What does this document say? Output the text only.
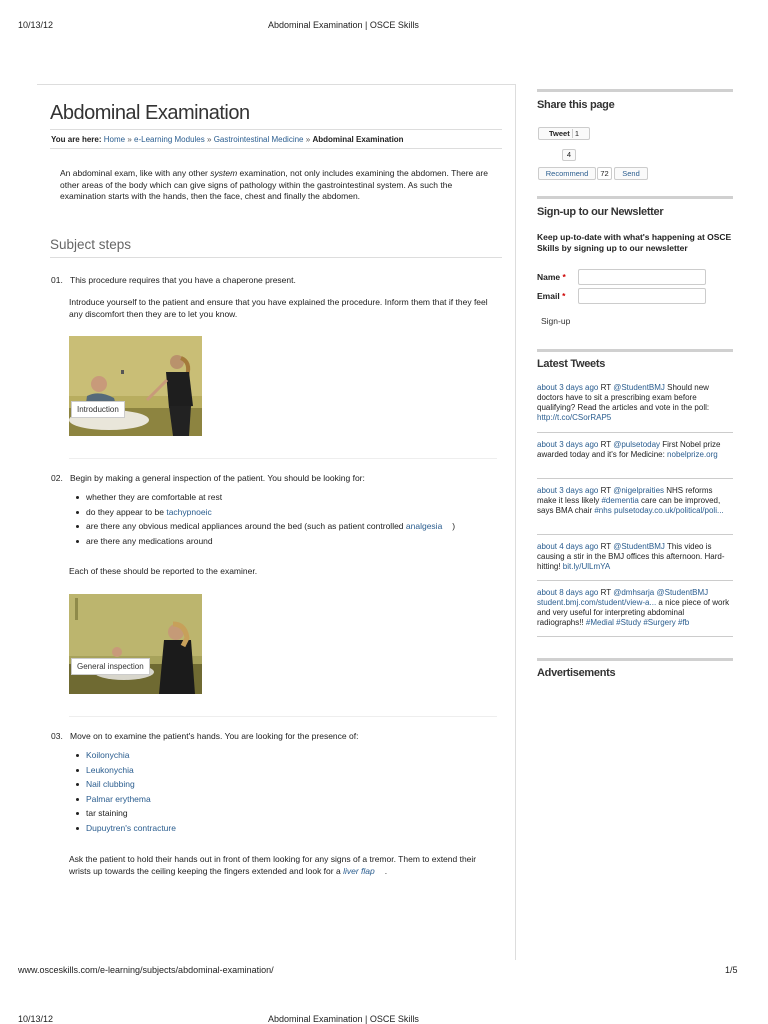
10/13/12	Abdominal Examination | OSCE Skills
Abdominal Examination
You are here: Home » e-Learning Modules » Gastrointestinal Medicine » Abdominal Examination
An abdominal exam, like with any other system examination, not only includes examining the abdomen. There are other areas of the body which can give signs of pathology within the gastrointestinal system. As such the examination starts with the hands, then the face, chest and finally the abdomen.
Subject steps
01. This procedure requires that you have a chaperone present.
Introduce yourself to the patient and ensure that you have explained the procedure. Inform them that if they feel any discomfort then they are to let you know.
Introduction
02. Begin by making a general inspection of the patient. You should be looking for:
whether they are comfortable at rest
do they appear to be tachypnoeic
are there any obvious medical appliances around the bed (such as patient controlled analgesia )
are there any medications around
Each of these should be reported to the examiner.
General inspection
03. Move on to examine the patient's hands. You are looking for the presence of:
Koilonychia
Leukonychia
Nail clubbing
Palmar erythema
tar staining
Dupuytren's contracture
Ask the patient to hold their hands out in front of them looking for any signs of a tremor. Them to extend their wrists up towards the ceiling keeping the fingers extended and look for a liver flap .
Share this page
Tweet 1
4
Recommend	72	Send
Sign-up to our Newsletter
Keep up-to-date with what's happening at OSCE Skills by signing up to our newsletter
Name *
Email *
Sign-up
Latest Tweets
about 3 days ago RT @StudentBMJ Should new doctors have to sit a prescribing exam before qualifying? Read the articles and vote in the poll: http://t.co/CSorRAP5
about 3 days ago RT @pulsetoday First Nobel prize awarded today and it's for Medicine: nobelprize.org
about 3 days ago RT @nigelpraities NHS reforms make it less likely #dementia care can be improved, says BMA chair #nhs pulsetoday.co.uk/political/poli...
about 4 days ago RT @StudentBMJ This video is causing a stir in the BMJ offices this afternoon. Hard-hitting! bit.ly/UlLmYA
about 8 days ago RT @dmhsarja @StudentBMJ student.bmj.com/student/view-a... a nice piece of work and very useful for interpreting abdominal radiographs!! #Medial #Study #Surgery #fb
Advertisements
www.osceskills.com/e-learning/subjects/abdominal-examination/	1/5
10/13/12	Abdominal Examination | OSCE Skills
